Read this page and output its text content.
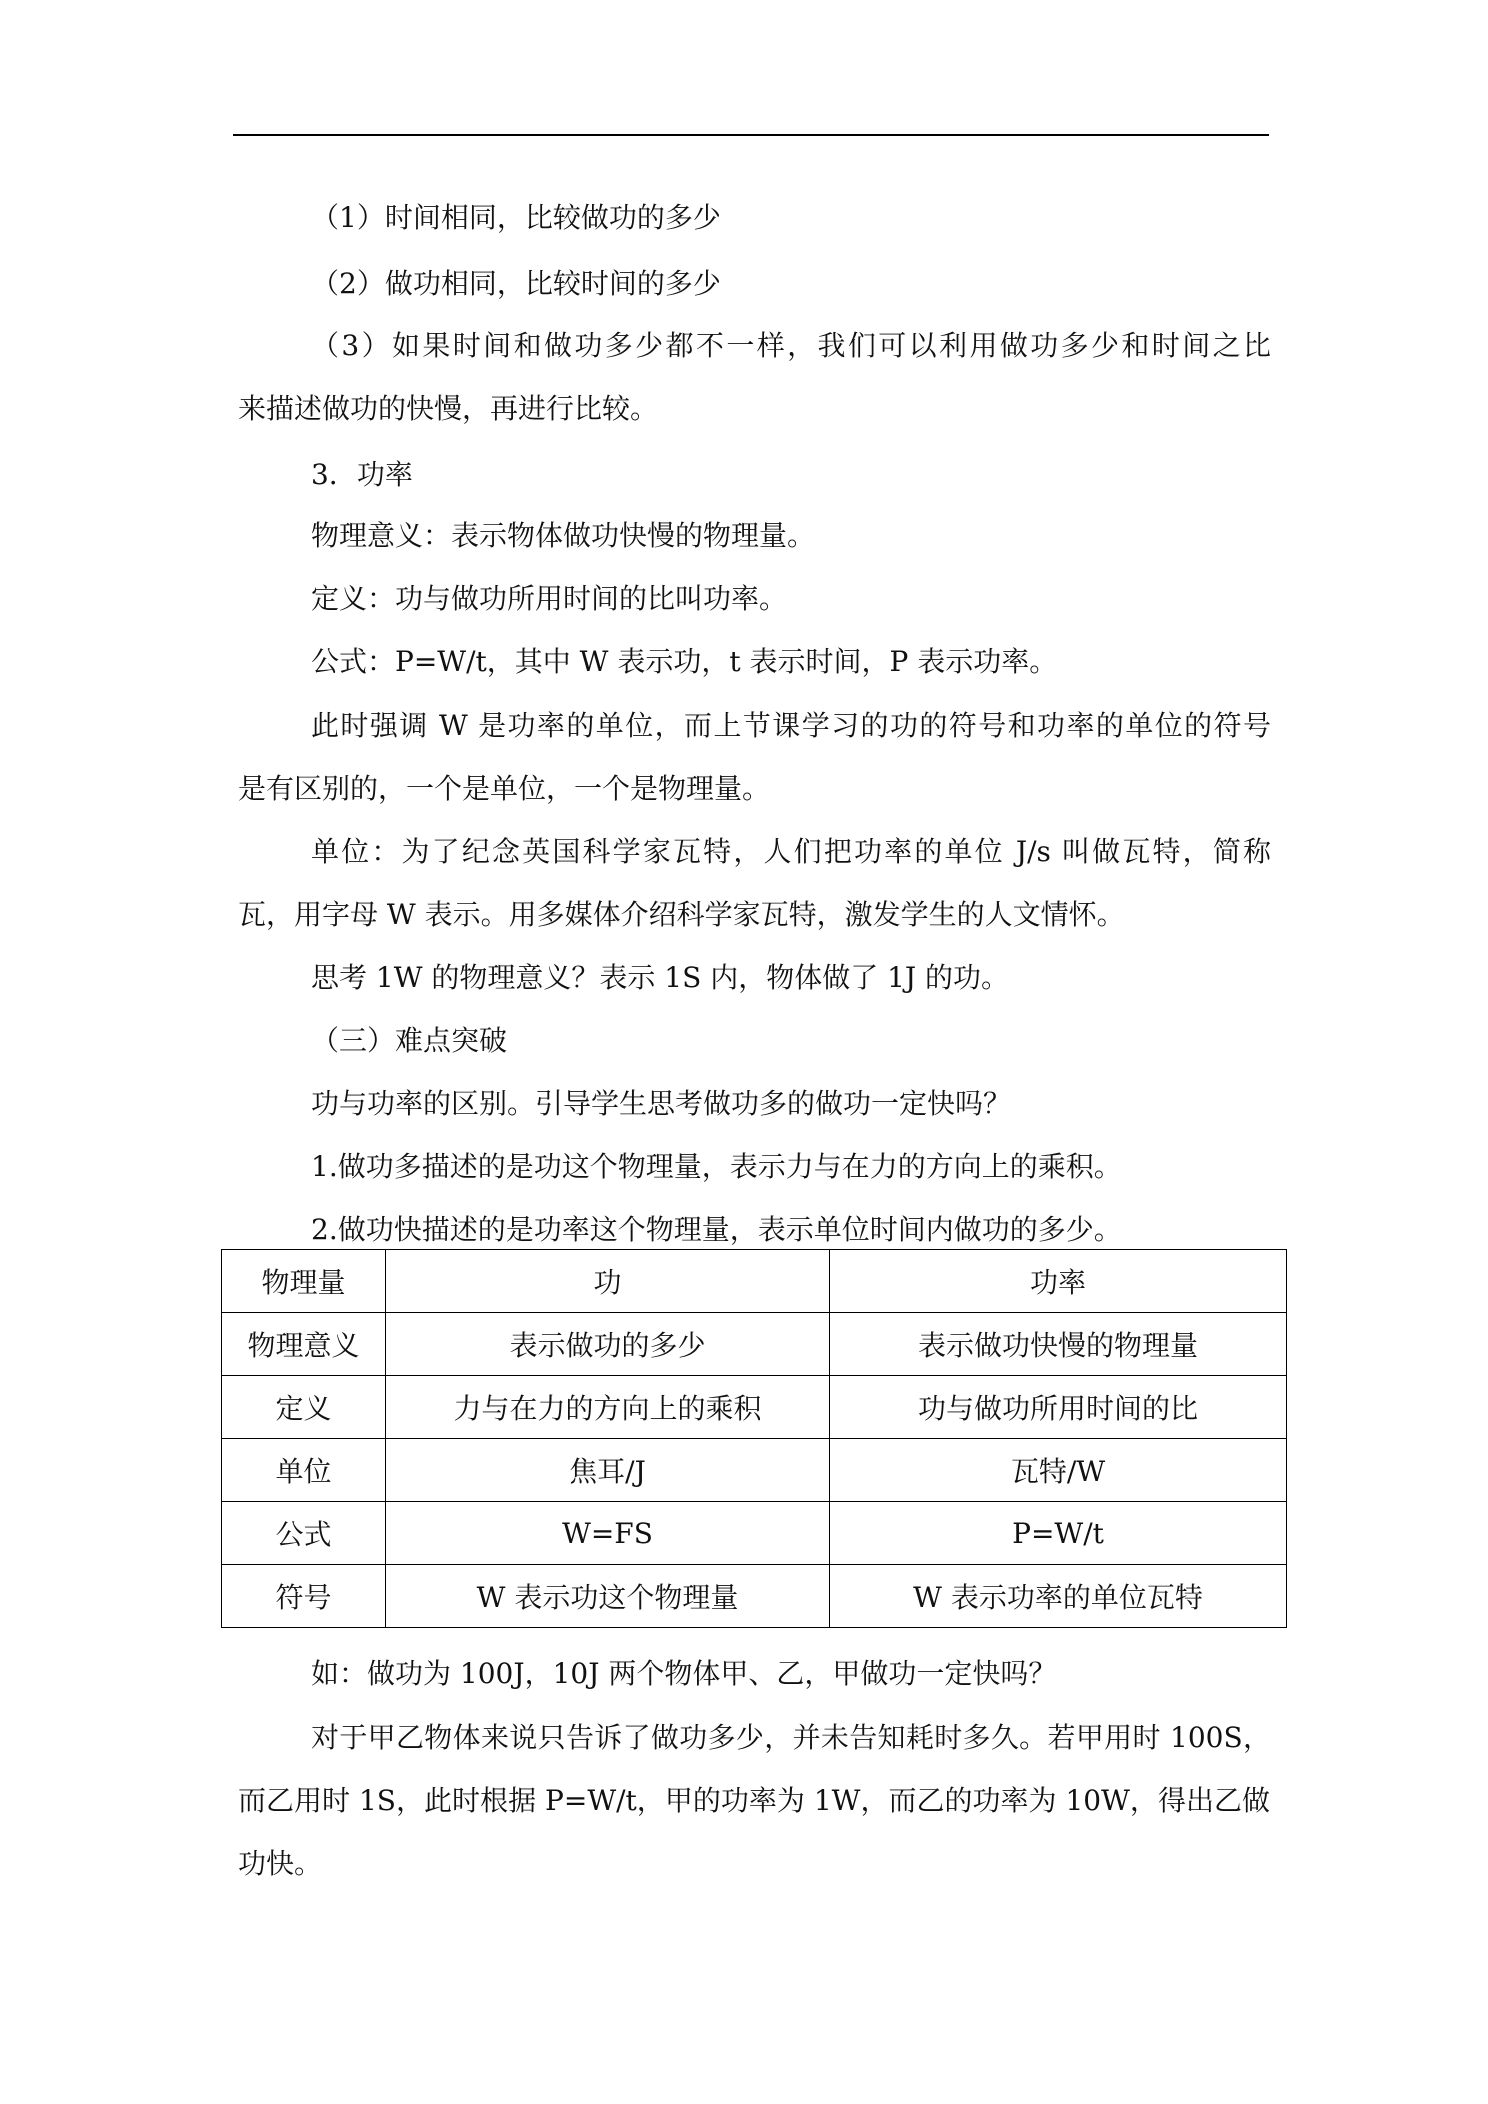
（1）时间相同，比较做功的多少
（2）做功相同，比较时间的多少
（3）如果时间和做功多少都不一样，我们可以利用做功多少和时间之比
来描述做功的快慢，再进行比较。
3．功率
物理意义：表示物体做功快慢的物理量。
定义：功与做功所用时间的比叫功率。
公式：P=W/t，其中 W 表示功，t 表示时间，P 表示功率。
此时强调 W 是功率的单位，而上节课学习的功的符号和功率的单位的符号
是有区别的，一个是单位，一个是物理量。
单位：为了纪念英国科学家瓦特，人们把功率的单位 J/s 叫做瓦特，简称
瓦，用字母 W 表示。用多媒体介绍科学家瓦特，激发学生的人文情怀。
思考 1W 的物理意义？表示 1S 内，物体做了 1J 的功。
（三）难点突破
功与功率的区别。引导学生思考做功多的做功一定快吗？
1.做功多描述的是功这个物理量，表示力与在力的方向上的乘积。
2.做功快描述的是功率这个物理量，表示单位时间内做功的多少。
物理量	功	功率
物理意义	表示做功的多少	表示做功快慢的物理量
定义	力与在力的方向上的乘积	功与做功所用时间的比
单位	焦耳/J	瓦特/W
公式	W=FS	P=W/t
符号	W 表示功这个物理量	W 表示功率的单位瓦特
如：做功为 100J，10J 两个物体甲、乙，甲做功一定快吗？
对于甲乙物体来说只告诉了做功多少，并未告知耗时多久。若甲用时 100S，
而乙用时 1S，此时根据 P=W/t，甲的功率为 1W，而乙的功率为 10W，得出乙做
功快。
